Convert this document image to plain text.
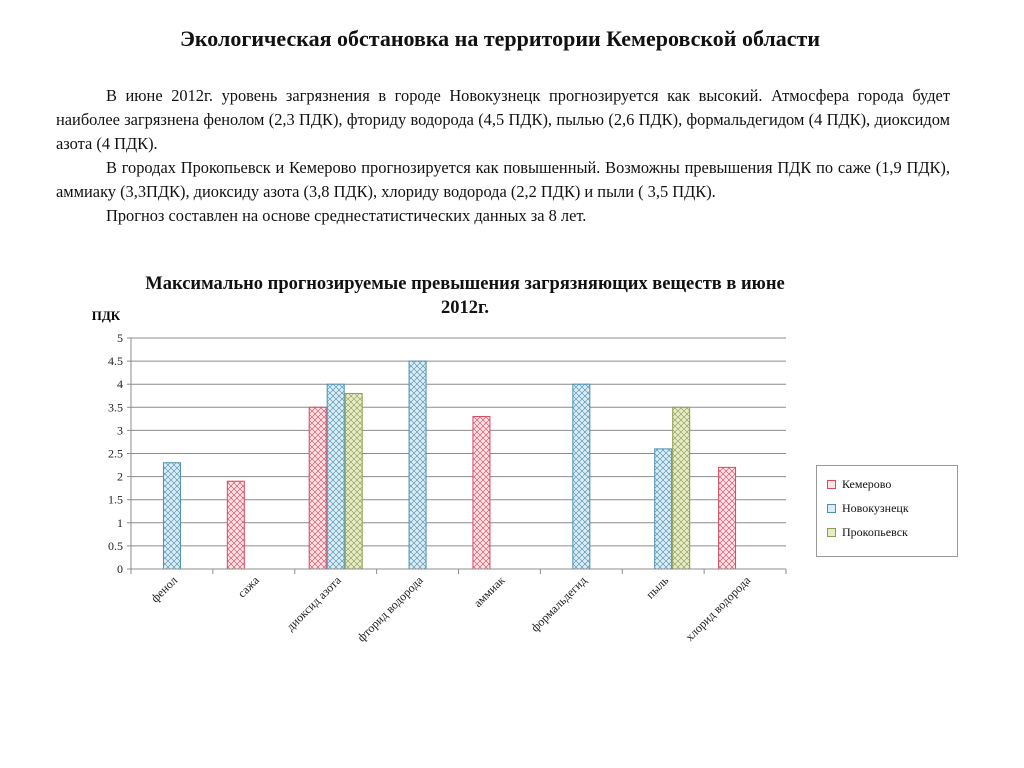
Экологическая обстановка на территории Кемеровской области

В июне 2012г. уровень загрязнения в городе Новокузнецк прогнозируется как высокий. Атмосфера города будет наиболее загрязнена фенолом (2,3 ПДК), фториду водорода (4,5 ПДК), пылью (2,6 ПДК), формальдегидом (4 ПДК), диоксидом азота (4 ПДК).

В городах Прокопьевск и Кемерово прогнозируется как повышенный. Возможны превышения ПДК по саже (1,9 ПДК), аммиаку (3,3ПДК), диоксиду азота (3,8 ПДК), хлориду водорода (2,2 ПДК) и пыли ( 3,5 ПДК).

Прогноз составлен на основе среднестатистических данных за 8 лет.

Максимально прогнозируемые превышения загрязняющих веществ в июне 2012г.
0
0.5
1
1.5
2
2.5
3
3.5
4
4.5
5
фенол	сажа диоксид азота фторид водорода	аммиак формальдегид	пыль хлорид водорода
ПДК
Кемерово
Новокузнецк
Прокопьевск
